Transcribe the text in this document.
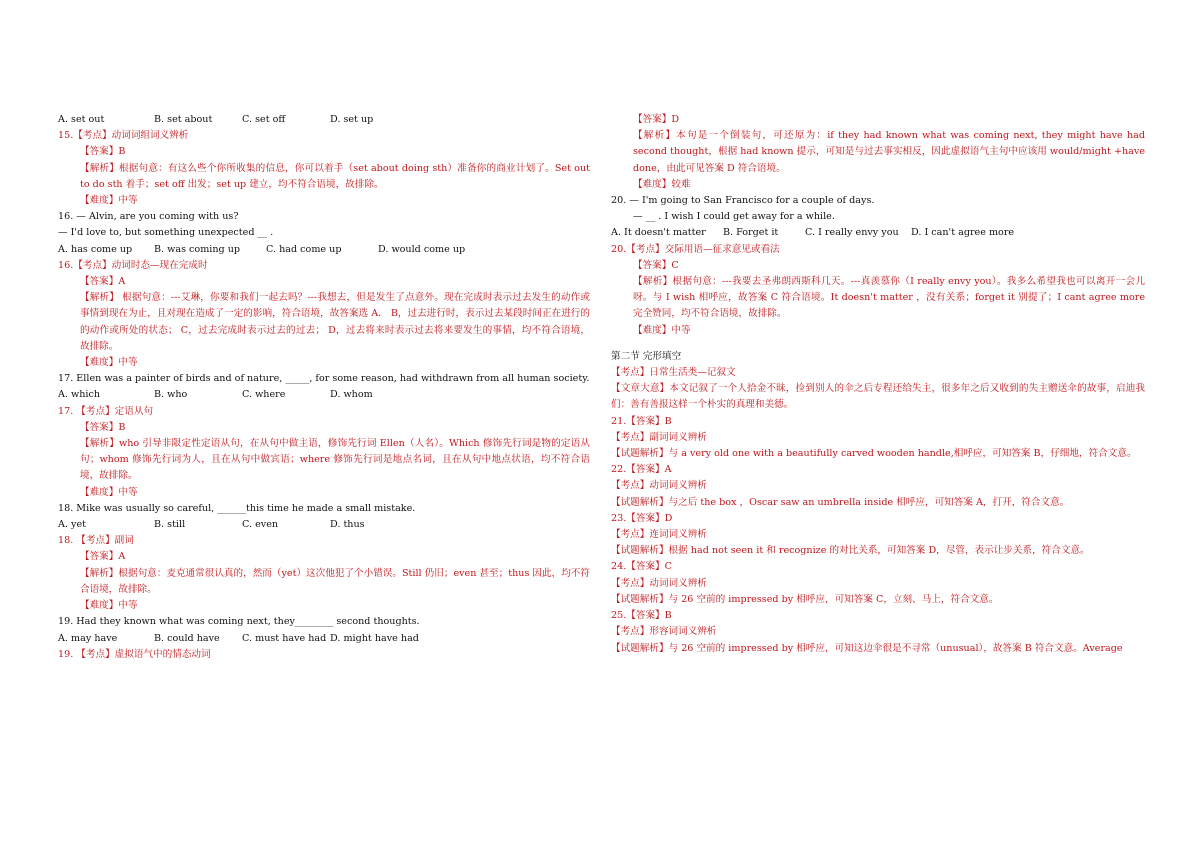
A. set out	B. set about	C. set off	D. set up
15.【考点】动词词组词义辨析
【答案】B
【解析】根据句意：有这么些个你所收集的信息，你可以着手（set about doing sth）准备你的商业计划了。Set out to do sth 着手；set off 出发；set up 建立，均不符合语境，故排除。
【难度】中等
16. — Alvin, are you coming with us?
— I'd love to, but something unexpected __ .
A. has come up	B. was coming up	C. had come up	D. would come up
16.【考点】动词时态—现在完成时
【答案】A
【解析】 根据句意：---艾琳，你要和我们一起去吗？---我想去，但是发生了点意外。现在完成时表示过去发生的动作或事情到现在为止，且对现在造成了一定的影响，符合语境，故答案选 A． B，过去进行时，表示过去某段时间正在进行的的动作或所处的状态； C，过去完成时表示过去的过去； D，过去将来时表示过去将来要发生的事情，均不符合语境，故排除。
【难度】中等
17. Ellen was a painter of birds and of nature, _____, for some reason, had withdrawn from all human society.
A. which	B. who	C. where	D. whom
17. 【考点】定语从句
【答案】B
【解析】who 引导非限定性定语从句，在从句中做主语，修饰先行词 Ellen（人名）。Which 修饰先行词是物的定语从句；whom 修饰先行词为人，且在从句中做宾语；where 修饰先行词是地点名词，且在从句中地点状语，均不符合语境，故排除。
【难度】中等
18. Mike was usually so careful, ______this time he made a small mistake.
A. yet	B. still	C. even	D. thus
18. 【考点】副词
【答案】A
【解析】根据句意：麦克通常很认真的，然而（yet）这次他犯了个小错误。Still 仍旧；even 甚至；thus 因此，均不符合语境，故排除。
【难度】中等
19. Had they known what was coming next, they________ second thoughts.
A. may have	B. could have	C. must have had D. might have had
19. 【考点】虚拟语气中的情态动词
【答案】D
【解析】本句是一个倒装句，可还原为：if they had known what was coming next, they might have had second thought，根据 had known 提示，可知是与过去事实相反，因此虚拟语气主句中应该用 would/might +have done，由此可见答案 D 符合语境。
【难度】较难
20. — I'm going to San Francisco for a couple of days.
— __ . I wish I could get away for a while.
A. It doesn't matter	B. Forget it	C. I really envy you	D. I can't agree more
20.【考点】交际用语—征求意见或看法
【答案】C
【解析】根据句意：---我要去圣弗朗西斯科几天。---真羡慕你（I really envy you）。我多么希望我也可以离开一会儿呀。与 I wish 相呼应，故答案 C 符合语境。It doesn't matter ，没有关系；forget it 别提了；I cant agree more 完全赞同，均不符合语境，故排除。
【难度】中等
第二节 完形填空
【考点】日常生活类—记叙文
【文章大意】本文记叙了一个人拾金不昧，捡到别人的伞之后专程还给失主，很多年之后又收到的失主赠送伞的故事，启迪我们：善有善报这样一个朴实的真理和美德。
21.【答案】B
【考点】副词词义辨析
【试题解析】与 a very old one with a beautifully carved wooden handle,相呼应，可知答案 B，仔细地，符合文意。
22.【答案】A
【考点】动词词义辨析
【试题解析】与之后 the box ，Oscar saw an umbrella inside 相呼应，可知答案 A，打开，符合文意。
23.【答案】D
【考点】连词词义辨析
【试题解析】根据 had not seen it 和 recognize 的对比关系，可知答案 D，尽管，表示让步关系，符合文意。
24.【答案】C
【考点】动词词义辨析
【试题解析】与 26 空前的 impressed by 相呼应，可知答案 C，立刻、马上，符合文意。
25.【答案】B
【考点】形容词词义辨析
【试题解析】与 26 空前的 impressed by 相呼应，可知这边伞很是不寻常（unusual），故答案 B 符合文意。Average
